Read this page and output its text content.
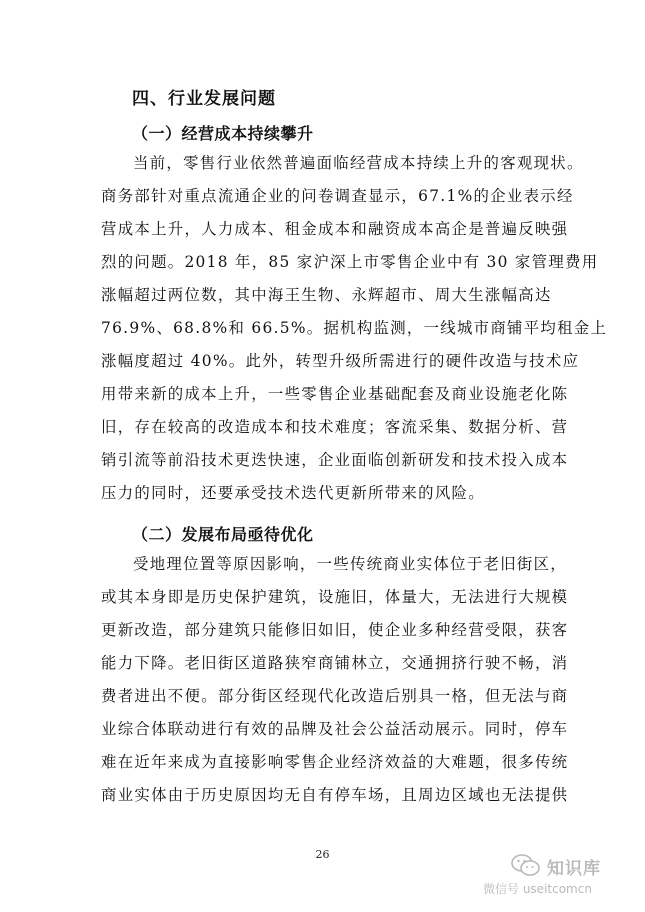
四、行业发展问题
（一）经营成本持续攀升
当前，零售行业依然普遍面临经营成本持续上升的客观现状。
商务部针对重点流通企业的问卷调查显示，67.1%的企业表示经
营成本上升，人力成本、租金成本和融资成本高企是普遍反映强
烈的问题。2018 年，85 家沪深上市零售企业中有 30 家管理费用
涨幅超过两位数，其中海王生物、永辉超市、周大生涨幅高达
76.9%、68.8%和 66.5%。据机构监测，一线城市商铺平均租金上
涨幅度超过 40%。此外，转型升级所需进行的硬件改造与技术应
用带来新的成本上升，一些零售企业基础配套及商业设施老化陈
旧，存在较高的改造成本和技术难度；客流采集、数据分析、营
销引流等前沿技术更迭快速，企业面临创新研发和技术投入成本
压力的同时，还要承受技术迭代更新所带来的风险。
（二）发展布局亟待优化
受地理位置等原因影响，一些传统商业实体位于老旧街区，
或其本身即是历史保护建筑，设施旧，体量大，无法进行大规模
更新改造，部分建筑只能修旧如旧，使企业多种经营受限，获客
能力下降。老旧街区道路狭窄商铺林立，交通拥挤行驶不畅，消
费者进出不便。部分街区经现代化改造后别具一格，但无法与商
业综合体联动进行有效的品牌及社会公益活动展示。同时，停车
难在近年来成为直接影响零售企业经济效益的大难题，很多传统
商业实体由于历史原因均无自有停车场，且周边区域也无法提供
26
知识库
微信号 useitcomcn
